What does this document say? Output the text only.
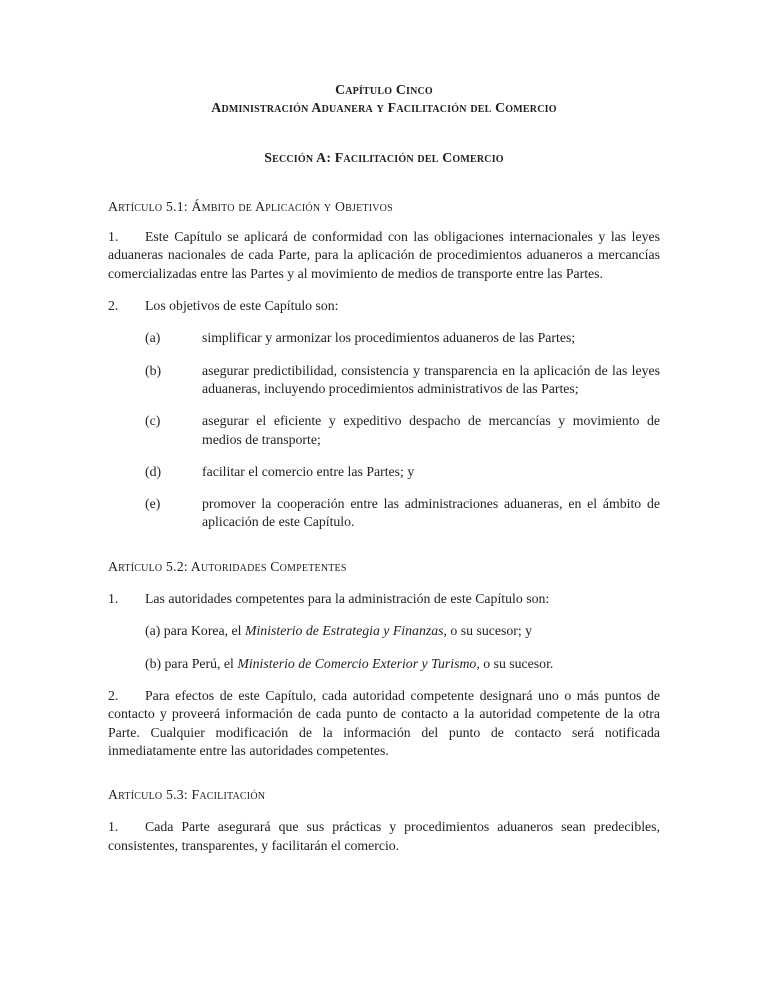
Capítulo Cinco
Administración Aduanera y Facilitación del Comercio
Sección A: Facilitación del Comercio
Artículo 5.1: Ámbito de Aplicación y Objetivos

1. Este Capítulo se aplicará de conformidad con las obligaciones internacionales y las leyes aduaneras nacionales de cada Parte, para la aplicación de procedimientos aduaneros a mercancías comercializadas entre las Partes y al movimiento de medios de transporte entre las Partes.

2. Los objetivos de este Capítulo son:

(a)	simplificar y armonizar los procedimientos aduaneros de las Partes;
(b)	asegurar predictibilidad, consistencia y transparencia en la aplicación de las leyes aduaneras, incluyendo procedimientos administrativos de las Partes;
(c)	asegurar el eficiente y expeditivo despacho de mercancías y movimiento de medios de transporte;
(d)	facilitar el comercio entre las Partes; y
(e)	promover la cooperación entre las administraciones aduaneras, en el ámbito de aplicación de este Capítulo.
Artículo 5.2: Autoridades Competentes

1. Las autoridades competentes para la administración de este Capítulo son:

(a) para Korea, el Ministerio de Estrategia y Finanzas, o su sucesor; y

(b) para Perú, el Ministerio de Comercio Exterior y Turismo, o su sucesor.

2. Para efectos de este Capítulo, cada autoridad competente designará uno o más puntos de contacto y proveerá información de cada punto de contacto a la autoridad competente de la otra Parte. Cualquier modificación de la información del punto de contacto será notificada inmediatamente entre las autoridades competentes.

Artículo 5.3: Facilitación

1. Cada Parte asegurará que sus prácticas y procedimientos aduaneros sean predecibles, consistentes, transparentes, y facilitarán el comercio.
